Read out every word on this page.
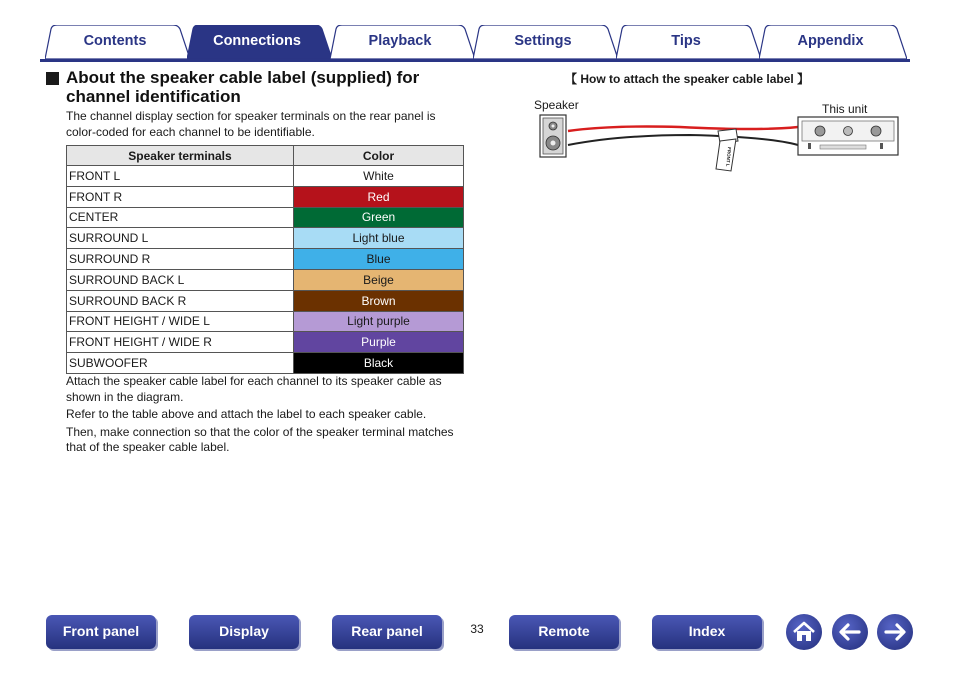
Contents	Connections	Playback	Settings	Tips	Appendix
About the speaker cable label (supplied) for channel identification
The channel display section for speaker terminals on the rear panel is color-coded for each channel to be identifiable.
Speaker terminals	Color
FRONT L	White
FRONT R	Red
CENTER	Green
SURROUND L	Light blue
SURROUND R	Blue
SURROUND BACK L	Beige
SURROUND BACK R	Brown
FRONT HEIGHT / WIDE L	Light purple
FRONT HEIGHT / WIDE R	Purple
SUBWOOFER	Black

Attach the speaker cable label for each channel to its speaker cable as shown in the diagram.

Refer to the table above and attach the label to each speaker cable.

Then, make connection so that the color of the speaker terminal matches that of the speaker cable label.

【 How to attach the speaker cable label 】
Speaker	This unit
FRONT L
Front panel	Display	Rear panel	33	Remote	Index
